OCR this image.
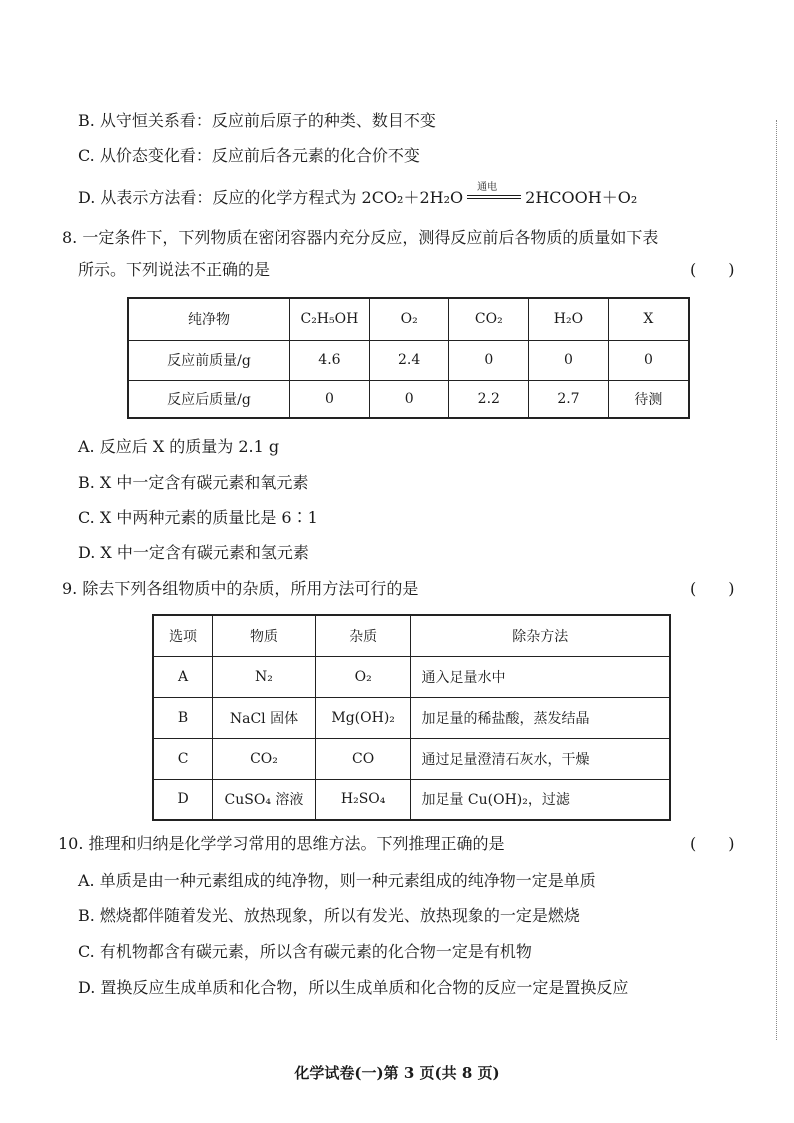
B. 从守恒关系看：反应前后原子的种类、数目不变
C. 从价态变化看：反应前后各元素的化合价不变
D. 从表示方法看：反应的化学方程式为 2CO₂＋2H₂O
通电
2HCOOH＋O₂
8. 一定条件下，下列物质在密闭容器内充分反应，测得反应前后各物质的质量如下表
所示。下列说法不正确的是	(　　)
纯净物	C₂H₅OH	O₂	CO₂	H₂O	X
反应前质量/g	4.6	2.4	0	0	0
反应后质量/g	0	0	2.2	2.7	待测
A. 反应后 X 的质量为 2.1 g
B. X 中一定含有碳元素和氧元素
C. X 中两种元素的质量比是 6∶1
D. X 中一定含有碳元素和氢元素
9. 除去下列各组物质中的杂质，所用方法可行的是	(　　)
选项	物质	杂质	除杂方法
A	N₂	O₂	通入足量水中
B	NaCl 固体	Mg(OH)₂	加足量的稀盐酸，蒸发结晶
C	CO₂	CO	通过足量澄清石灰水，干燥
D	CuSO₄ 溶液	H₂SO₄	加足量 Cu(OH)₂，过滤
10. 推理和归纳是化学学习常用的思维方法。下列推理正确的是	(　　)
A. 单质是由一种元素组成的纯净物，则一种元素组成的纯净物一定是单质
B. 燃烧都伴随着发光、放热现象，所以有发光、放热现象的一定是燃烧
C. 有机物都含有碳元素，所以含有碳元素的化合物一定是有机物
D. 置换反应生成单质和化合物，所以生成单质和化合物的反应一定是置换反应
化学试卷(一)第 3 页(共 8 页)
